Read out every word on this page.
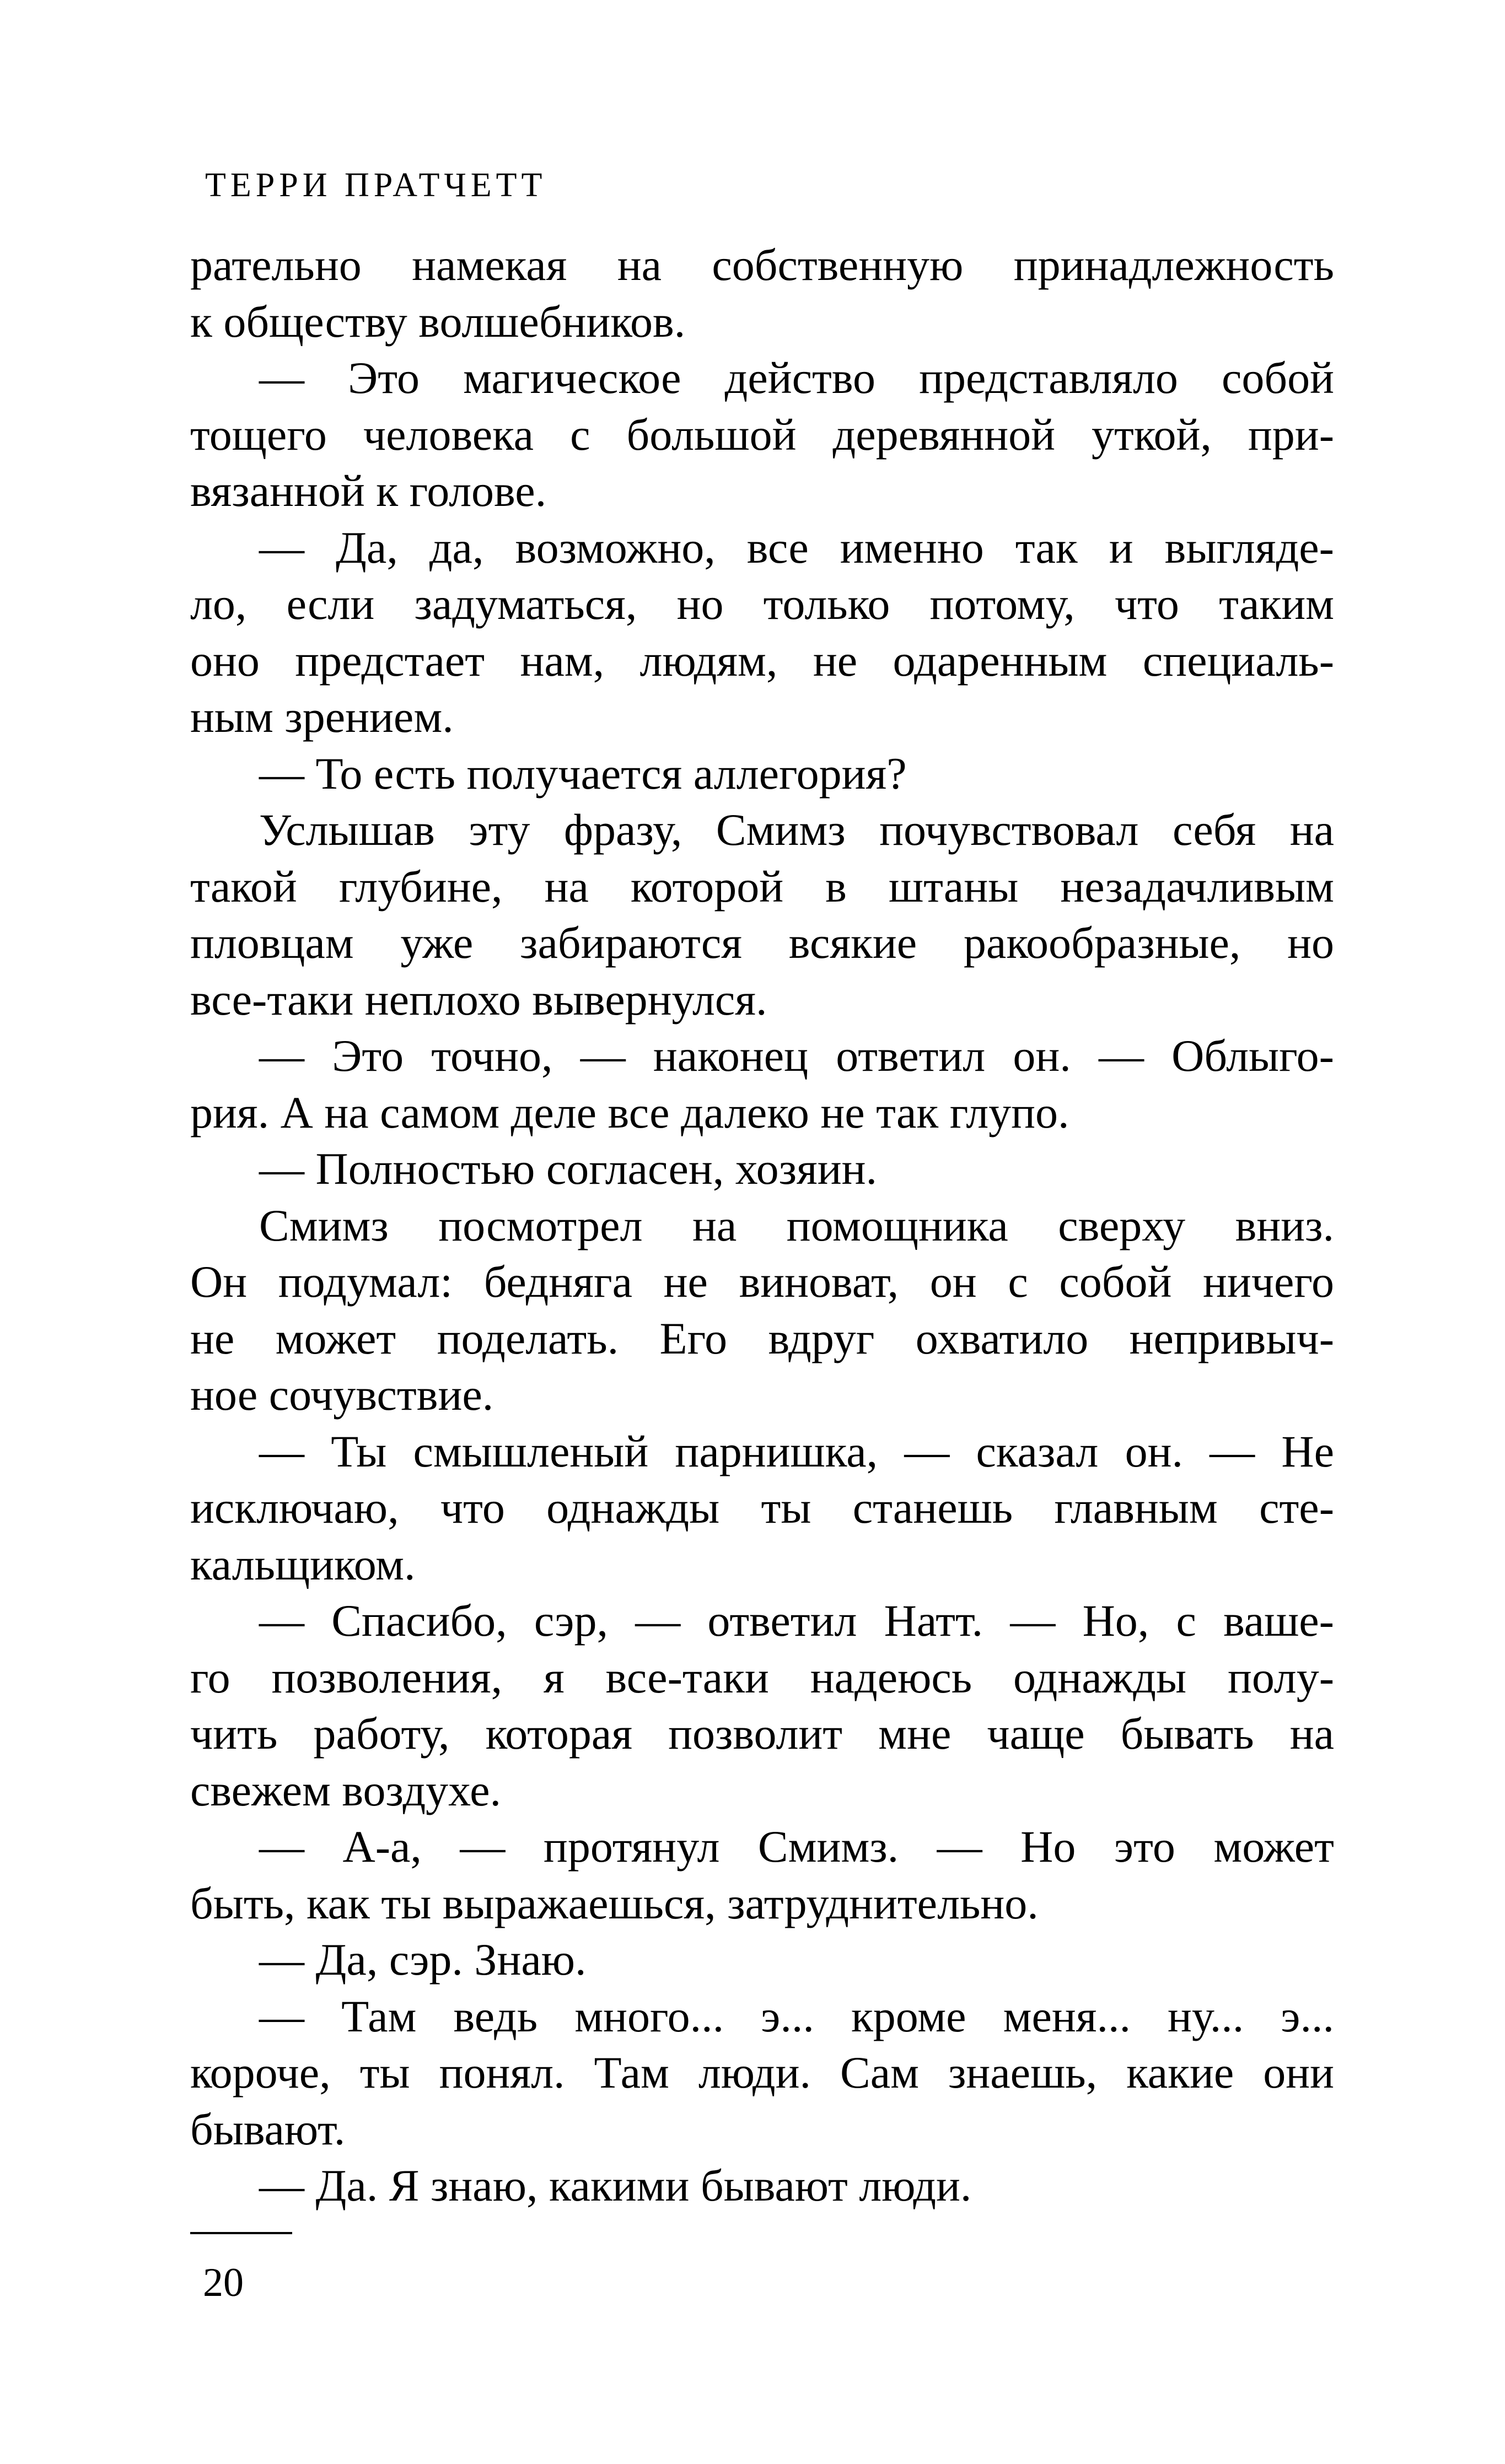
ТЕРРИ ПРАТЧЕТТ
рательно намекая на собственную принадлежность
к обществу волшебников.
— Это магическое действо представляло собой
тощего человека с большой деревянной уткой, при-
вязанной к голове.
— Да, да, возможно, все именно так и выгляде-
ло, если задуматься, но только потому, что таким
оно предстает нам, людям, не одаренным специаль-
ным зрением.
— То есть получается аллегория?
Услышав эту фразу, Смимз почувствовал себя на
такой глубине, на которой в штаны незадачливым
пловцам уже забираются всякие ракообразные, но
все-таки неплохо вывернулся.
— Это точно, — наконец ответил он. — Облыго-
рия. А на самом деле все далеко не так глупо.
— Полностью согласен, хозяин.
Смимз посмотрел на помощника сверху вниз.
Он подумал: бедняга не виноват, он с собой ничего
не может поделать. Его вдруг охватило непривыч-
ное сочувствие.
— Ты смышленый парнишка, — сказал он. — Не
исключаю, что однажды ты станешь главным сте-
кальщиком.
— Спасибо, сэр, — ответил Натт. — Но, с ваше-
го позволения, я все-таки надеюсь однажды полу-
чить работу, которая позволит мне чаще бывать на
свежем воздухе.
— А-а, — протянул Смимз. — Но это может
быть, как ты выражаешься, затруднительно.
— Да, сэр. Знаю.
— Там ведь много... э... кроме меня... ну... э...
короче, ты понял. Там люди. Сам знаешь, какие они
бывают.
— Да. Я знаю, какими бывают люди.
20
